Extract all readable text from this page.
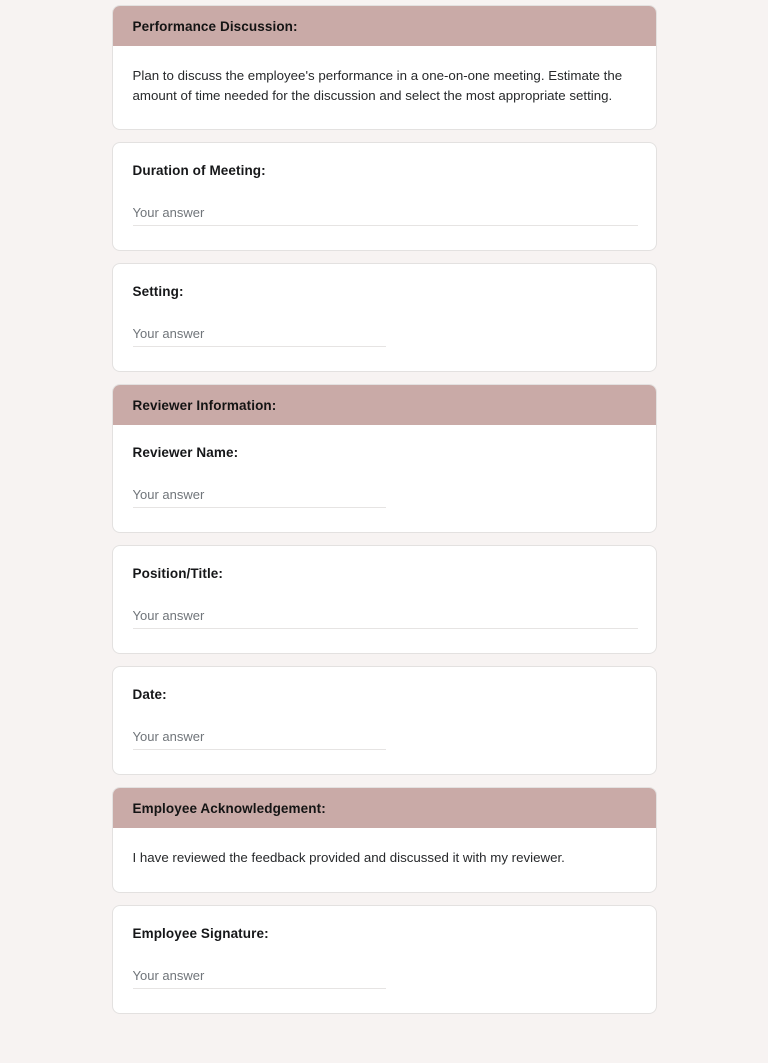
Performance Discussion:

Plan to discuss the employee's performance in a one-on-one meeting. Estimate the amount of time needed for the discussion and select the most appropriate setting.

Duration of Meeting:

Your answer

Setting:

Your answer
Reviewer Information:

Reviewer Name:

Your answer

Position/Title:

Your answer

Date:

Your answer
Employee Acknowledgement:

I have reviewed the feedback provided and discussed it with my reviewer.

Employee Signature:

Your answer
